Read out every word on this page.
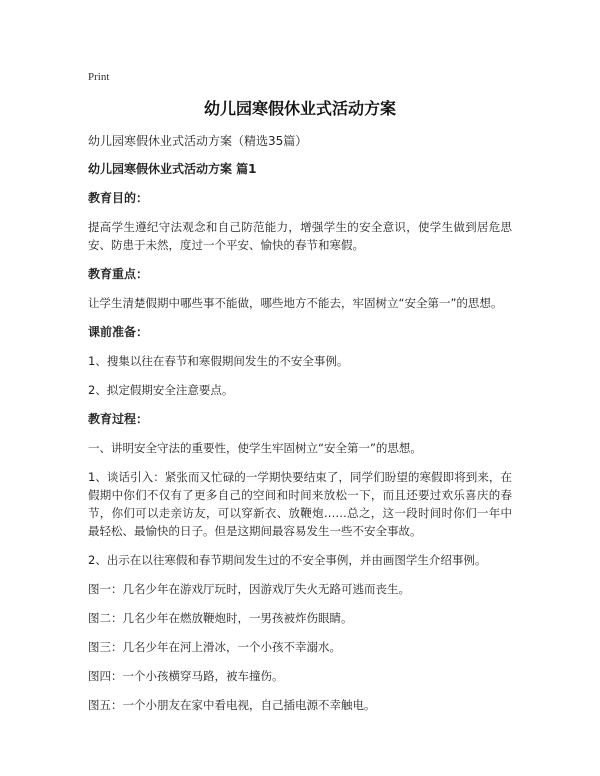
Print
幼儿园寒假休业式活动方案
幼儿园寒假休业式活动方案（精选35篇）
幼儿园寒假休业式活动方案 篇1
教育目的：
提高学生遵纪守法观念和自己防范能力，增强学生的安全意识，使学生做到居危思安、防患于未然，度过一个平安、愉快的春节和寒假。
教育重点：
让学生清楚假期中哪些事不能做，哪些地方不能去，牢固树立“安全第一”的思想。
课前准备：
1、搜集以往在春节和寒假期间发生的不安全事例。
2、拟定假期安全注意要点。
教育过程：
一、讲明安全守法的重要性，使学生牢固树立“安全第一”的思想。
1、谈话引入：紧张而又忙碌的一学期快要结束了，同学们盼望的寒假即将到来，在假期中你们不仅有了更多自己的空间和时间来放松一下，而且还要过欢乐喜庆的春节，你们可以走亲访友，可以穿新衣、放鞭炮……总之，这一段时间时你们一年中最轻松、最愉快的日子。但是这期间最容易发生一些不安全事故。
2、出示在以往寒假和春节期间发生过的不安全事例，并由画图学生介绍事例。
图一：几名少年在游戏厅玩时，因游戏厅失火无路可逃而丧生。
图二：几名少年在燃放鞭炮时，一男孩被炸伤眼睛。
图三：几名少年在河上滑冰，一个小孩不幸溺水。
图四：一个小孩横穿马路，被车撞伤。
图五：一个小朋友在家中看电视，自己插电源不幸触电。
